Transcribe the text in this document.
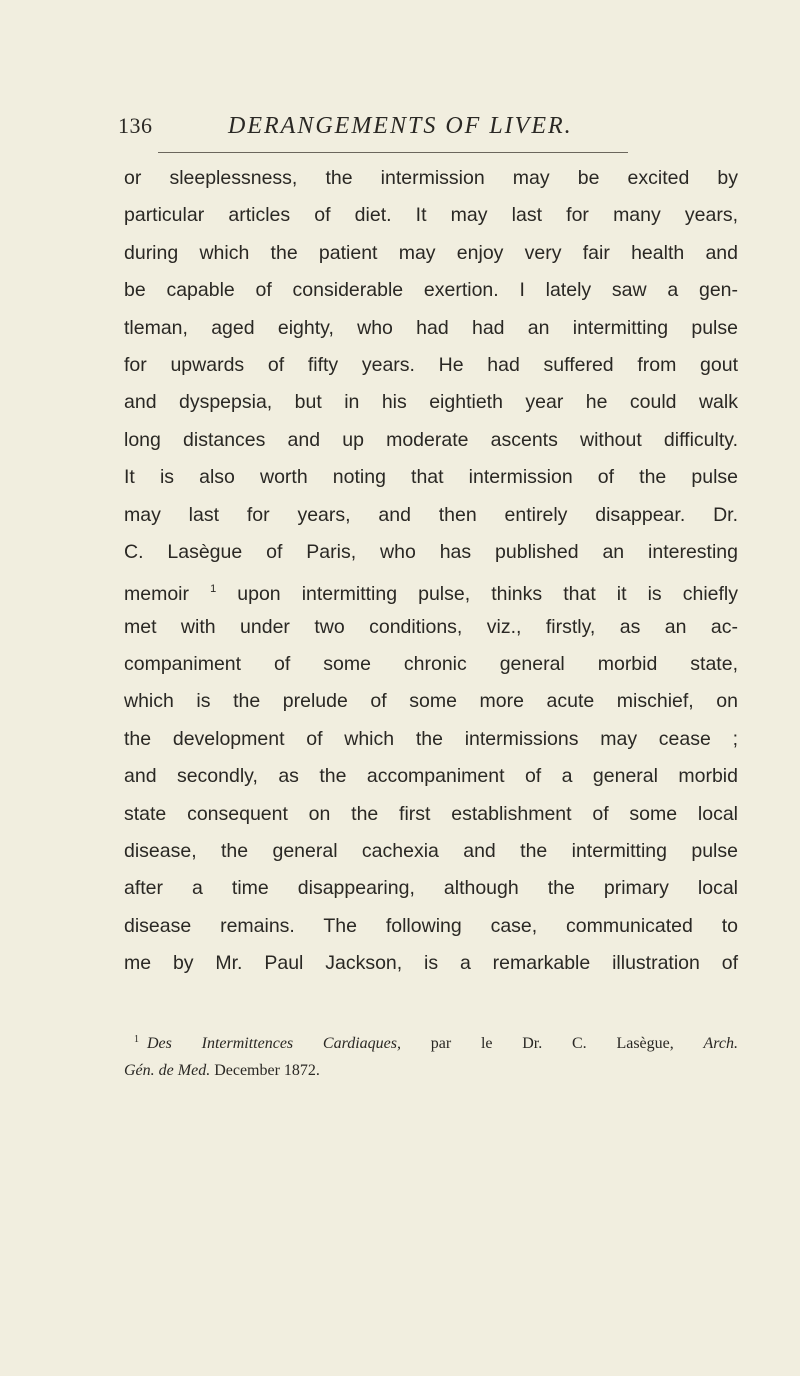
136	DERANGEMENTS OF LIVER.
or sleeplessness, the intermission may be excited by
particular articles of diet. It may last for many years,
during which the patient may enjoy very fair health and
be capable of considerable exertion. I lately saw a gen-
tleman, aged eighty, who had had an intermitting pulse
for upwards of fifty years. He had suffered from gout
and dyspepsia, but in his eightieth year he could walk
long distances and up moderate ascents without difficulty.
It is also worth noting that intermission of the pulse
may last for years, and then entirely disappear. Dr.
C. Lasègue of Paris, who has published an interesting
memoir $^1$ upon intermitting pulse, thinks that it is chiefly
met with under two conditions, viz., firstly, as an ac-
companiment of some chronic general morbid state,
which is the prelude of some more acute mischief, on
the development of which the intermissions may cease ;
and secondly, as the accompaniment of a general morbid
state consequent on the first establishment of some local
disease, the general cachexia and the intermitting pulse
after a time disappearing, although the primary local
disease remains. The following case, communicated to
me by Mr. Paul Jackson, is a remarkable illustration of
$^1$ Des Intermittences Cardiaques, par le Dr. C. Lasègue, Arch.
Gén. de Med. December 1872.
